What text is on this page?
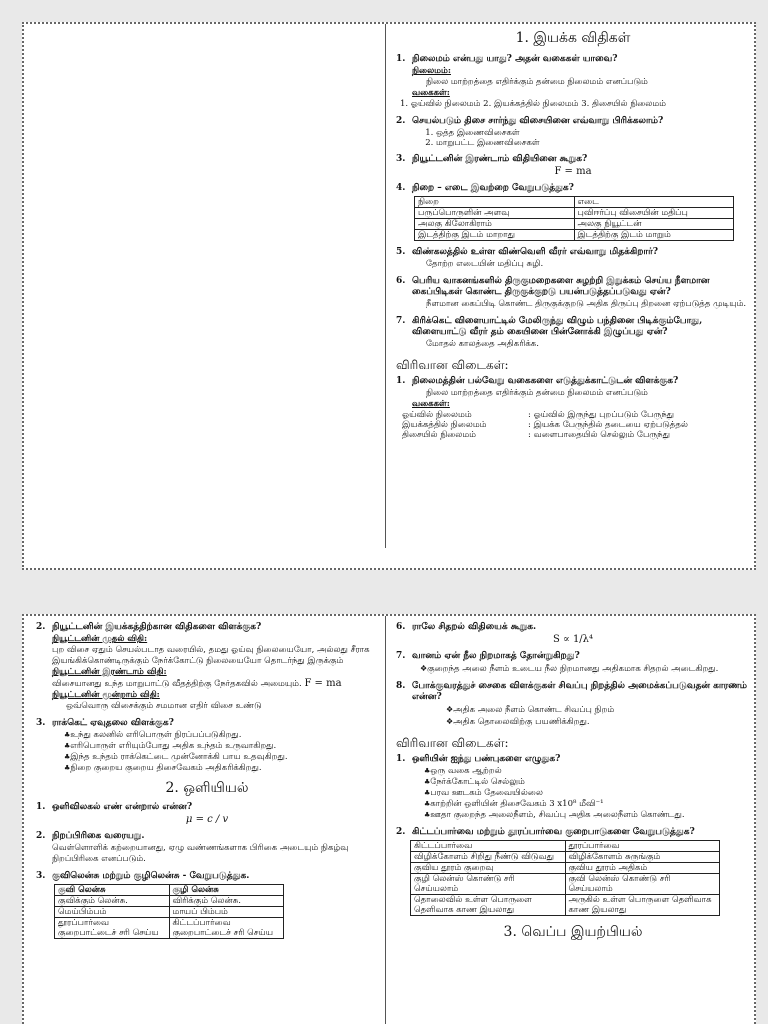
1. இயக்க விதிகள்
1. நிலைமம் என்பது யாது? அதன் வகைகள் யாவை?
நிலைமம்:
நிலை மாற்றத்தை எதிர்க்கும் தன்மை நிலைமம் எனப்படும்
வகைகள்:
1. ஓய்வில் நிலைமம் 2. இயக்கத்தில் நிலைமம் 3. திசையில் நிலைமம்
2. செயல்படும் திசை சார்ந்து விசையினை எவ்வாறு பிரிக்கலாம்?
1. ஒத்த இணைவிசைகள்
2. மாறுபட்ட இணைவிசைகள்
3. நியூட்டனின் இரண்டாம் விதியினை கூறுக?
F = ma
4. நிறை – எடை இவற்றை வேறுபடுத்துக?
நிறை	எடை
பருப்பொருளின் அளவு	புவிஈர்ப்பு விசையின் மதிப்பு
அலகு கிலோகிராம்	அலகு நியூட்டன்
இடத்திற்கு இடம் மாறாது	இடத்திற்கு இடம் மாறும்
5. விண்கலத்தில் உள்ள விண்வெளி வீரர் எவ்வாறு மிதக்கிறார்?
தோற்ற எடையின் மதிப்பு சுழி.
6. பெரிய வாகனங்களில் திருகுமறைகளை சுழற்றி இறுக்கம் செய்ய நீளமான கைப்பிடிகள் கொண்ட திருகுக்குறடு பயன்படுத்தப்படுவது ஏன்?
நீளமான கைப்பிடி கொண்ட திருகுக்குறடு அதிக திருப்பு திறனை ஏற்படுத்த முடியும்.
7. கிரிக்கெட் விளையாட்டில் மேலிருந்து விழும் பந்தினை பிடிக்கும்போது, விளையாட்டு வீரர் தம் கையினை பின்னோக்கி இழுப்பது ஏன்?
மோதல் காலத்தை அதிகரிக்க.
விரிவான விடைகள்:
1. நிலைமத்தின் பல்வேறு வகைகளை எடுத்துக்காட்டுடன் விளக்குக?
நிலை மாற்றத்தை எதிர்க்கும் தன்மை நிலைமம் எனப்படும்
வகைகள்:
ஓய்வில் நிலைமம்	: ஓய்வில் இருந்து புறப்படும் பேருந்து
இயக்கத்தில் நிலைமம்	: இயக்க பேருந்தில் தடையை ஏற்படுத்தல்
திசையில் நிலைமம்	: வளைபாதையில் செல்லும் பேருந்து
2. நியூட்டனின் இயக்கத்திற்கான விதிகளை விளக்குக?
நியூட்டனின் முதல் விதி:
புற விசை ஏதும் செயல்படாத வரையில், தமது ஓய்வு நிலையையோ, அல்லது சீராக இயங்கிக்கொண்டிருக்கும் நேர்க்கோட்டு நிலையையோ தொடர்ந்து இருக்கும்
நியூட்டனின் இரண்டாம் விதி:
விசையானது உந்த மாறுபாட்டு வீதத்திற்கு நேர்தகவில் அமையும். F = ma
நியூட்டனின் மூன்றாம் விதி:
ஒவ்வொரு விசைக்கும் சமமான எதிர் விசை உண்டு
3. ராக்கெட் ஏவுதலை விளக்குக?
♣ உந்து கலனில் எரிபொருள் நிரப்பப்படுகிறது.
♣ எரிபொருள் எரியும்போது அதிக உந்தம் உருவாகிறது.
♣ இந்த உந்தம் ராக்கெட்டை முன்னோக்கி பாய உதவுகிறது.
♣ நிறை குறைய குறைய திசைவேகம் அதிகரிக்கிறது.
2. ஒளியியல்
1. ஒளிவிலகல் எண் என்றால் என்ன?
μ = c / v
2. நிறப்பிரிகை வரையறு.
வெள்ளொளிக் கற்றையானது, ஏழு வண்ணங்களாக பிரிகை அடையும் நிகழ்வு நிறப்பிரிகை எனப்படும்.
3. குவிலென்சு மற்றும் குழிலென்சு - வேறுபடுத்துக.
குவி லென்சு	குழி லென்சு
குவிக்கும் லென்சு.	விரிக்கும் லென்சு.
மெய்பிம்பம்	மாயப் பிம்பம்
தூரப்பார்வை குறைபாட்டைச் சரி செய்ய	கிட்டப்பார்வை குறைபாட்டைச் சரி செய்ய
6. ராலே சிதறல் விதியைக் கூறுக.
S ∝ 1/λ⁴
7. வானம் ஏன் நீல நிறமாகத் தோன்றுகிறது?
❖ குறைந்த அலை நீளம் உடைய நீல நிறமானது அதிகமாக சிதறல் அடைகிறது.
8. போக்குவரத்துச் சைகை விளக்குகள் சிவப்பு நிறத்தில் அமைக்கப்படுவதன் காரணம் என்ன?
❖ அதிக அலை நீளம் கொண்ட சிவப்பு நிறம்
❖ அதிக தொலைவிற்கு பயணிக்கிறது.
விரிவான விடைகள்:
1. ஒளியின் ஐந்து பண்புகளை எழுதுக?
♣ ஒரு வகை ஆற்றல்
♣ நேர்க்கோட்டில் செல்லும்
♣ பரவ ஊடகம் தேவையில்லை
♣ காற்றின் ஒளியின் திசைவேகம் 3 x10⁸ மீவி⁻¹
♣ ஊதா குறைந்த அலைநீளம், சிவப்பு அதிக அலைநீளம் கொண்டது.
2. கிட்டப்பார்வை மற்றும் தூரப்பார்வை குறைபாடுகளை வேறுபடுத்துக?
கிட்டப்பார்வை	தூரப்பார்வை
விழிக்கோளம் சிறிது நீண்டு விடுவது	விழிக்கோளம் சுருங்கும்
குவிய தூரம் குறைவு	குவிய தூரம் அதிகம்
குழி லென்ஸ் கொண்டு சரி செய்யலாம்	குவி லென்ஸ் கொண்டு சரி செய்யலாம்
தொலைவில் உள்ள பொருளை தெளிவாக காண இயலாது	அருகில் உள்ள பொருளை தெளிவாக காண இயலாது
3. வெப்ப இயற்பியல்
